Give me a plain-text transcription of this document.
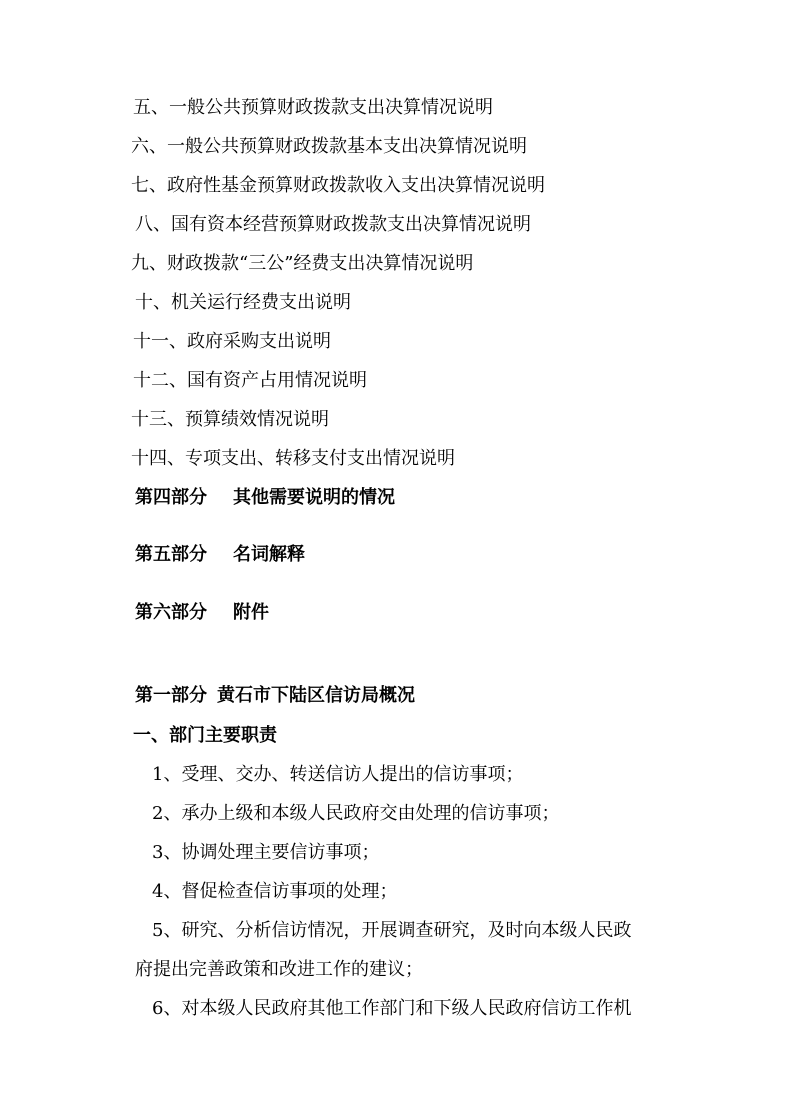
五、一般公共预算财政拨款支出决算情况说明
六、一般公共预算财政拨款基本支出决算情况说明
七、政府性基金预算财政拨款收入支出决算情况说明
八、国有资本经营预算财政拨款支出决算情况说明
九、财政拨款“三公”经费支出决算情况说明
十、机关运行经费支出说明
十一、政府采购支出说明
十二、国有资产占用情况说明
十三、预算绩效情况说明
十四、专项支出、转移支付支出情况说明
第四部分 其他需要说明的情况
第五部分 名词解释
第六部分 附件
第一部分 黄石市下陆区信访局概况
一、部门主要职责
1、受理、交办、转送信访人提出的信访事项；
2、承办上级和本级人民政府交由处理的信访事项；
3、协调处理主要信访事项；
4、督促检查信访事项的处理；
5、研究、分析信访情况，开展调查研究，及时向本级人民政
府提出完善政策和改进工作的建议；
6、对本级人民政府其他工作部门和下级人民政府信访工作机
